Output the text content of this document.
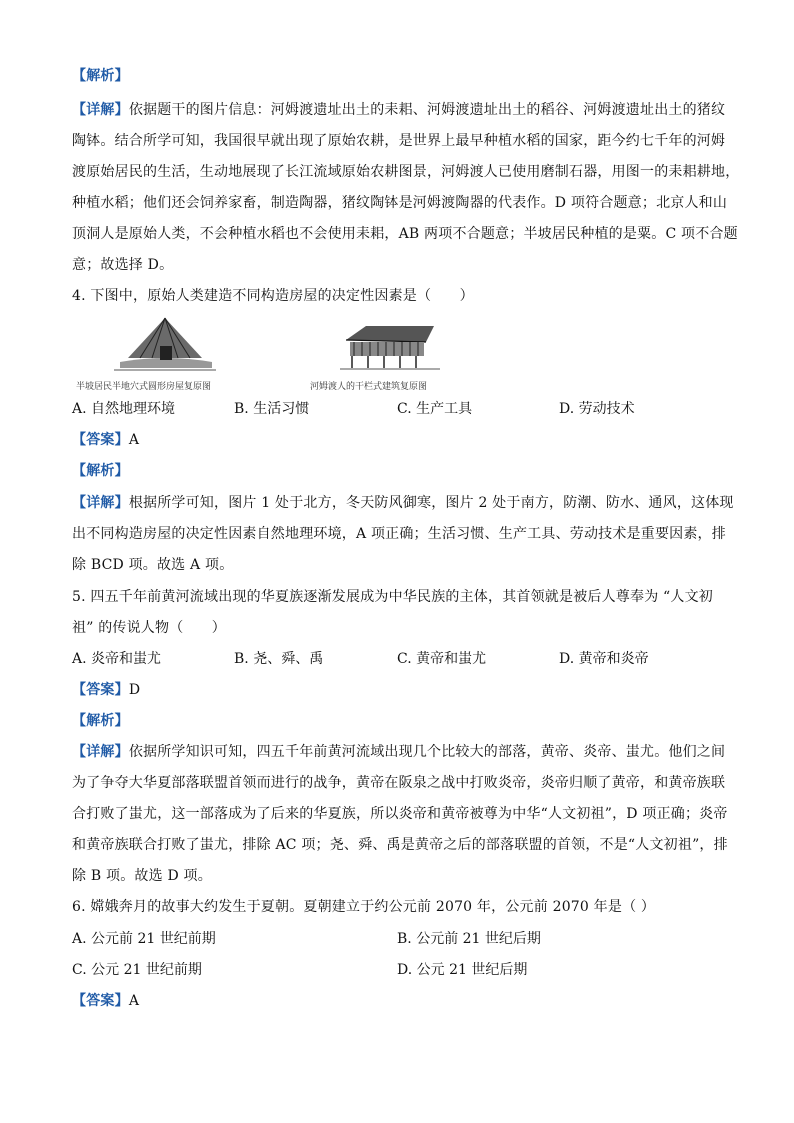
【解析】
【详解】依据题干的图片信息：河姆渡遗址出土的耒耜、河姆渡遗址出土的稻谷、河姆渡遗址出土的猪纹
陶钵。结合所学可知，我国很早就出现了原始农耕，是世界上最早种植水稻的国家，距今约七千年的河姆
渡原始居民的生活，生动地展现了长江流域原始农耕图景，河姆渡人已使用磨制石器，用图一的耒耜耕地，
种植水稻；他们还会饲养家畜，制造陶器，猪纹陶钵是河姆渡陶器的代表作。D 项符合题意；北京人和山
顶洞人是原始人类，不会种植水稻也不会使用耒耜，AB 两项不合题意；半坡居民种植的是粟。C 项不合题
意；故选择 D。
4. 下图中，原始人类建造不同构造房屋的决定性因素是（　　）
半坡居民半地穴式圆形房屋复原图	河姆渡人的干栏式建筑复原图
A. 自然地理环境	B. 生活习惯	C. 生产工具	D. 劳动技术
【答案】A
【解析】
【详解】根据所学可知，图片 1 处于北方，冬天防风御寒，图片 2 处于南方，防潮、防水、通风，这体现
出不同构造房屋的决定性因素自然地理环境，A 项正确；生活习惯、生产工具、劳动技术是重要因素，排
除 BCD 项。故选 A 项。
5. 四五千年前黄河流域出现的华夏族逐渐发展成为中华民族的主体，其首领就是被后人尊奉为 “人文初
祖” 的传说人物（　　）
A. 炎帝和蚩尤	B. 尧、舜、禹	C. 黄帝和蚩尤	D. 黄帝和炎帝
【答案】D
【解析】
【详解】依据所学知识可知，四五千年前黄河流域出现几个比较大的部落，黄帝、炎帝、蚩尤。他们之间
为了争夺大华夏部落联盟首领而进行的战争，黄帝在阪泉之战中打败炎帝，炎帝归顺了黄帝，和黄帝族联
合打败了蚩尤，这一部落成为了后来的华夏族，所以炎帝和黄帝被尊为中华“人文初祖”，D 项正确；炎帝
和黄帝族联合打败了蚩尤，排除 AC 项；尧、舜、禹是黄帝之后的部落联盟的首领，不是“人文初祖”，排
除 B 项。故选 D 项。
6. 嫦娥奔月的故事大约发生于夏朝。夏朝建立于约公元前 2070 年，公元前 2070 年是（ ）
A. 公元前 21 世纪前期	B. 公元前 21 世纪后期
C. 公元 21 世纪前期	D. 公元 21 世纪后期
【答案】A
